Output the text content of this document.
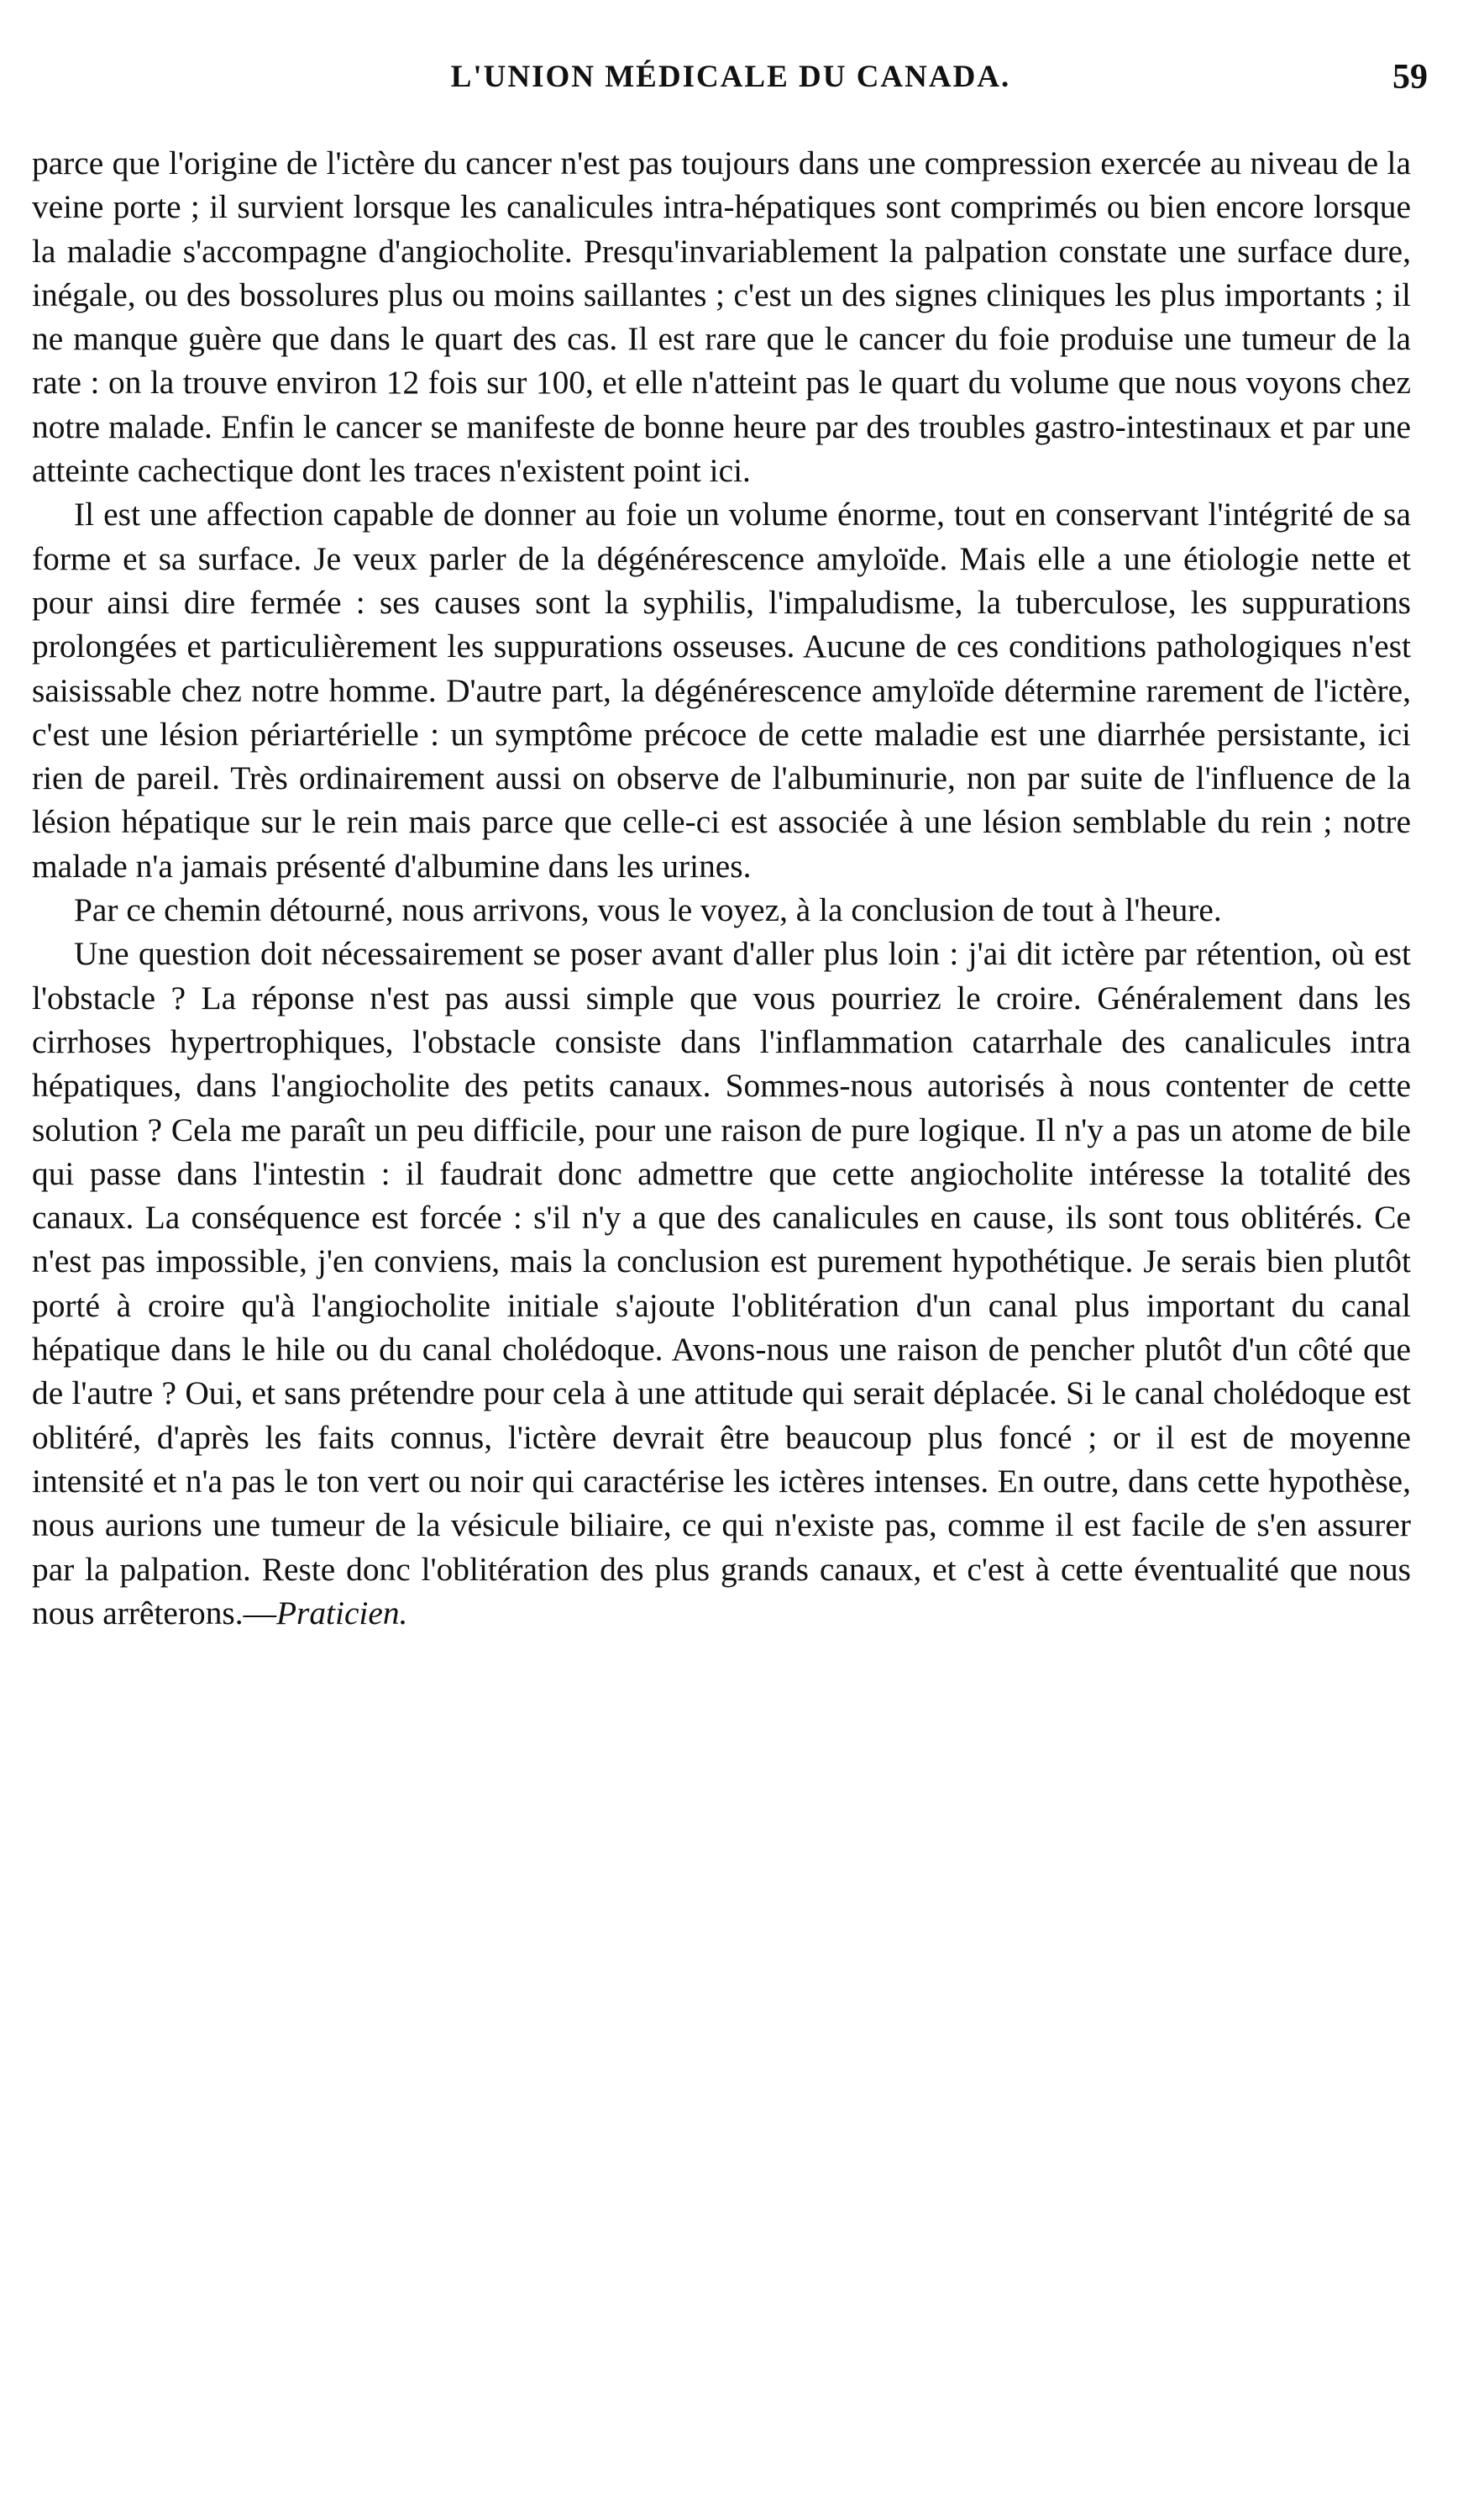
L'UNION MÉDICALE DU CANADA.	59

parce que l'origine de l'ictère du cancer n'est pas toujours dans une compression exercée au niveau de la veine porte ; il survient lorsque les canalicules intra-hépatiques sont comprimés ou bien encore lorsque la maladie s'accompagne d'angiocholite. Presqu'invariablement la palpation constate une surface dure, inégale, ou des bossolures plus ou moins saillantes ; c'est un des signes cliniques les plus importants ; il ne manque guère que dans le quart des cas. Il est rare que le cancer du foie produise une tumeur de la rate : on la trouve environ 12 fois sur 100, et elle n'atteint pas le quart du volume que nous voyons chez notre malade. Enfin le cancer se manifeste de bonne heure par des troubles gastro-intestinaux et par une atteinte cachectique dont les traces n'existent point ici.

Il est une affection capable de donner au foie un volume énorme, tout en conservant l'intégrité de sa forme et sa surface. Je veux parler de la dégénérescence amyloïde. Mais elle a une étiologie nette et pour ainsi dire fermée : ses causes sont la syphilis, l'impaludisme, la tuberculose, les suppurations prolongées et particulièrement les suppurations osseuses. Aucune de ces conditions pathologiques n'est saisissable chez notre homme. D'autre part, la dégénérescence amyloïde détermine rarement de l'ictère, c'est une lésion périartérielle : un symptôme précoce de cette maladie est une diarrhée persistante, ici rien de pareil. Très ordinairement aussi on observe de l'albuminurie, non par suite de l'influence de la lésion hépatique sur le rein mais parce que celle-ci est associée à une lésion semblable du rein ; notre malade n'a jamais présenté d'albumine dans les urines.

Par ce chemin détourné, nous arrivons, vous le voyez, à la conclusion de tout à l'heure.

Une question doit nécessairement se poser avant d'aller plus loin : j'ai dit ictère par rétention, où est l'obstacle ? La réponse n'est pas aussi simple que vous pourriez le croire. Généralement dans les cirrhoses hypertrophiques, l'obstacle consiste dans l'inflammation catarrhale des canalicules intra hépatiques, dans l'angiocholite des petits canaux. Sommes-nous autorisés à nous contenter de cette solution ? Cela me paraît un peu difficile, pour une raison de pure logique. Il n'y a pas un atome de bile qui passe dans l'intestin : il faudrait donc admettre que cette angiocholite intéresse la totalité des canaux. La conséquence est forcée : s'il n'y a que des canalicules en cause, ils sont tous oblitérés. Ce n'est pas impossible, j'en conviens, mais la conclusion est purement hypothétique. Je serais bien plutôt porté à croire qu'à l'angiocholite initiale s'ajoute l'oblitération d'un canal plus important du canal hépatique dans le hile ou du canal cholédoque. Avons-nous une raison de pencher plutôt d'un côté que de l'autre ? Oui, et sans prétendre pour cela à une attitude qui serait déplacée. Si le canal cholédoque est oblitéré, d'après les faits connus, l'ictère devrait être beaucoup plus foncé ; or il est de moyenne intensité et n'a pas le ton vert ou noir qui caractérise les ictères intenses. En outre, dans cette hypothèse, nous aurions une tumeur de la vésicule biliaire, ce qui n'existe pas, comme il est facile de s'en assurer par la palpation. Reste donc l'oblitération des plus grands canaux, et c'est à cette éventualité que nous nous arrêterons.—Praticien.
